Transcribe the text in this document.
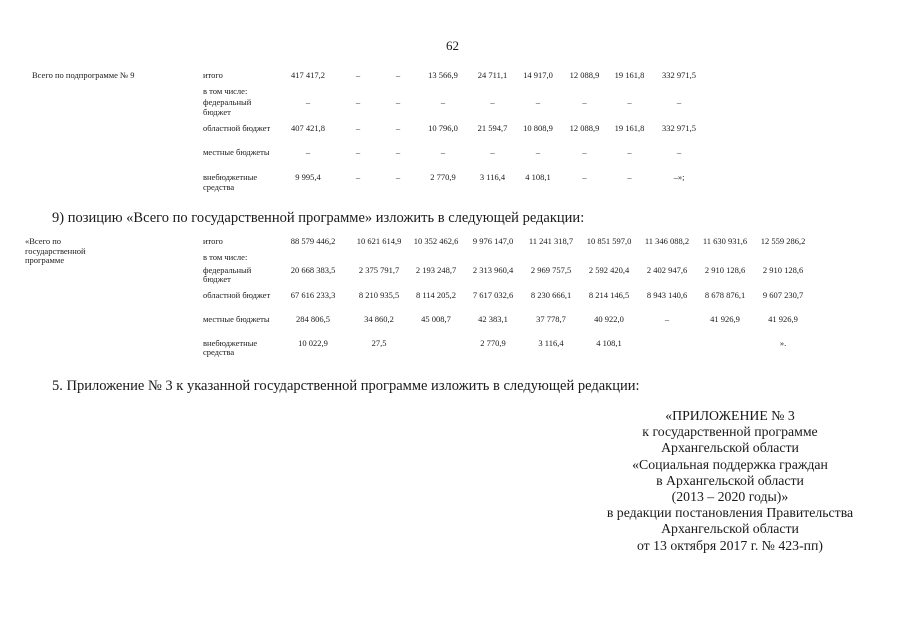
62
Всего по подпрограмме № 9	итого	417 417,2	–	–	13 566,9	24 711,1	14 917,0	12 088,9	19 161,8	332 971,5
	в том числе:									
	федеральный бюджет	–	–	–	–	–	–	–	–	–
	областной бюджет	407 421,8	–	–	10 796,0	21 594,7	10 808,9	12 088,9	19 161,8	332 971,5
	местные бюджеты	–	–	–	–	–	–	–	–	–
	внебюджетные средства	9 995,4	–	–	2 770,9	3 116,4	4 108,1	–	–	–»;
9) позицию «Всего по государственной программе» изложить в следующей редакции:
«Всего по государственной программе	итого	88 579 446,2	10 621 614,9	10 352 462,6	9 976 147,0	11 241 318,7	10 851 597,0	11 346 088,2	11 630 931,6	12 559 286,2
	в том числе:									
	федеральный бюджет	20 668 383,5	2 375 791,7	2 193 248,7	2 313 960,4	2 969 757,5	2 592 420,4	2 402 947,6	2 910 128,6	2 910 128,6
	областной бюджет	67 616 233,3	8 210 935,5	8 114 205,2	7 617 032,6	8 230 666,1	8 214 146,5	8 943 140,6	8 678 876,1	9 607 230,7
	местные бюджеты	284 806,5	34 860,2	45 008,7	42 383,1	37 778,7	40 922,0	–	41 926,9	41 926,9
	внебюджетные средства	10 022,9	27,5		2 770,9	3 116,4	4 108,1			».
5. Приложение № 3 к указанной государственной программе изложить в следующей редакции:
«ПРИЛОЖЕНИЕ № 3
к государственной программе
Архангельской области
«Социальная поддержка граждан
в Архангельской области
(2013 – 2020 годы)»
в редакции постановления Правительства
Архангельской области
от 13 октября 2017 г. № 423-пп)
